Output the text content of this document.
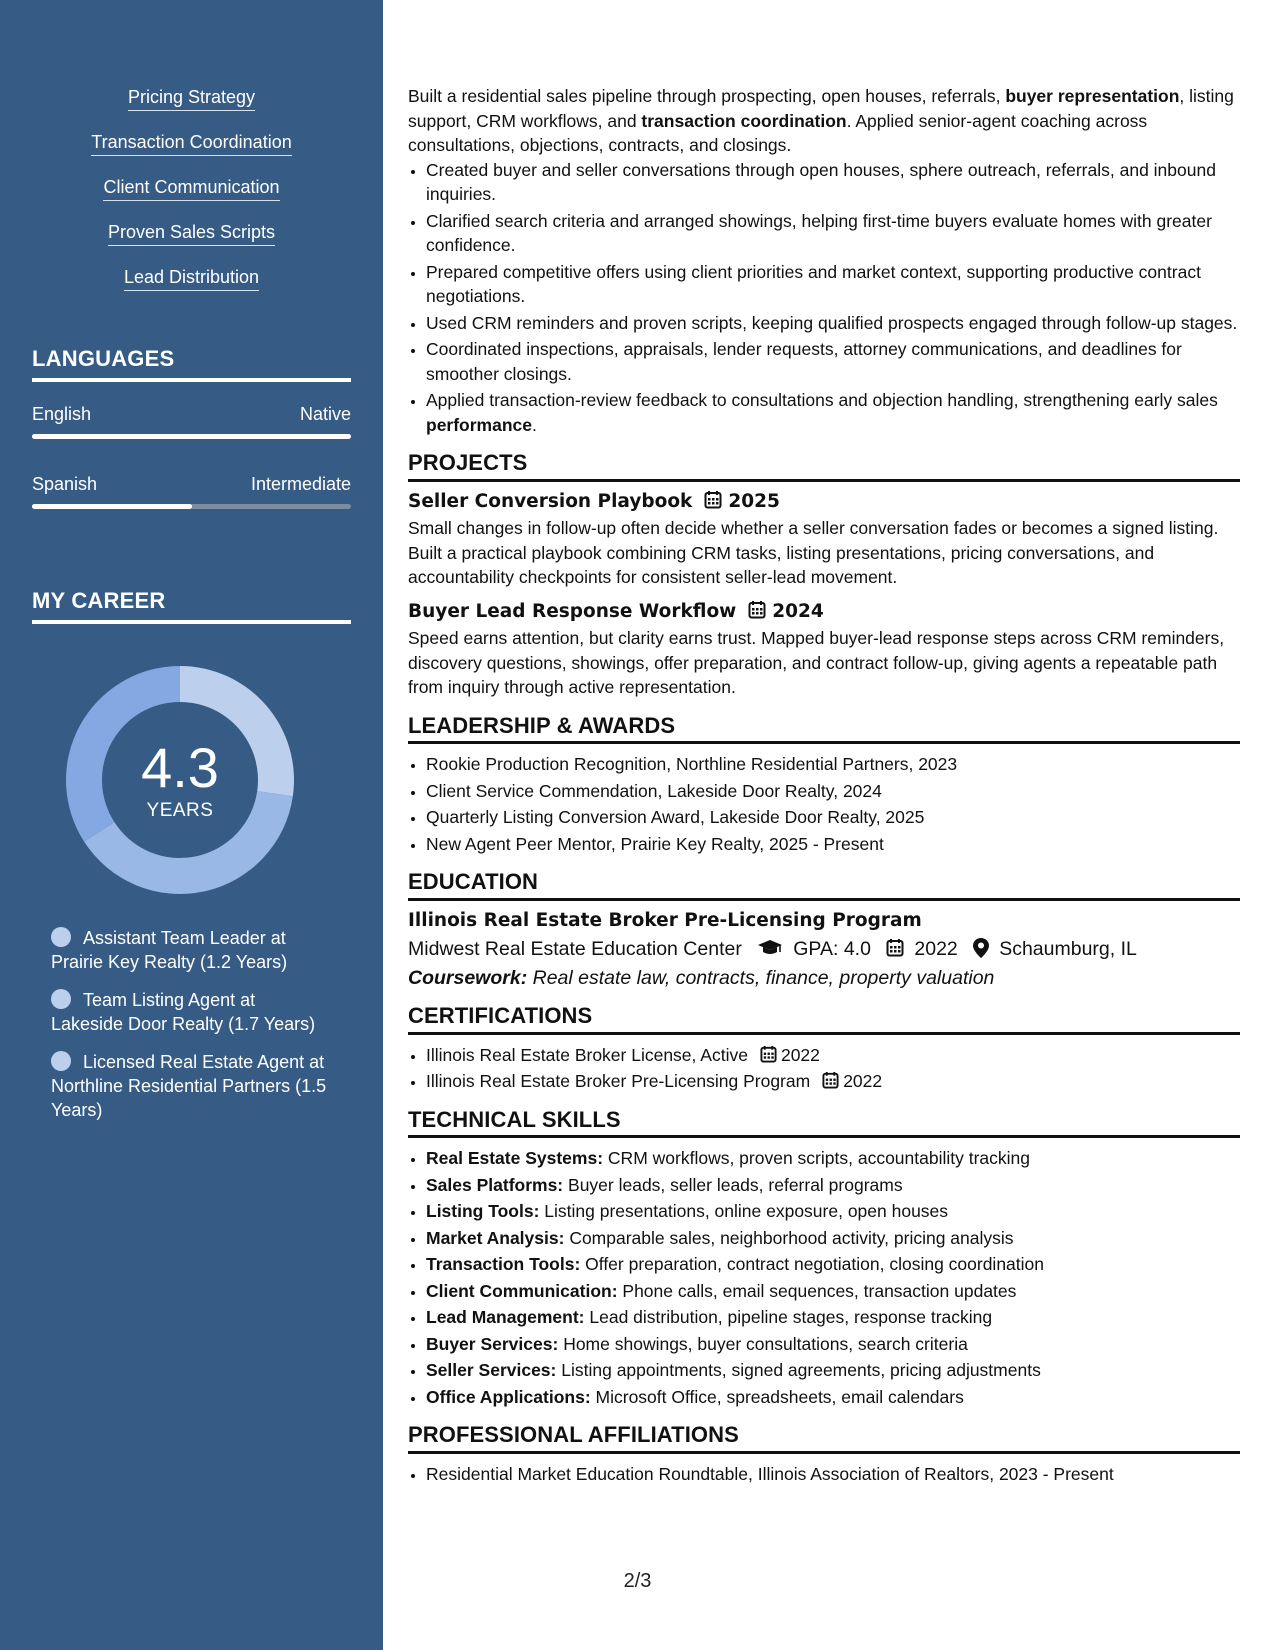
Pricing Strategy
Transaction Coordination
Client Communication
Proven Sales Scripts
Lead Distribution
LANGUAGES
English	Native
Spanish	Intermediate
MY CAREER
4.3
YEARS
Assistant Team Leader at Prairie Key Realty (1.2 Years)
Team Listing Agent at Lakeside Door Realty (1.7 Years)
Licensed Real Estate Agent at Northline Residential Partners (1.5 Years)

Built a residential sales pipeline through prospecting, open houses, referrals, buyer representation, listing support, CRM workflows, and transaction coordination. Applied senior-agent coaching across consultations, objections, contracts, and closings.

• Created buyer and seller conversations through open houses, sphere outreach, referrals, and inbound inquiries.
• Clarified search criteria and arranged showings, helping first-time buyers evaluate homes with greater confidence.
• Prepared competitive offers using client priorities and market context, supporting productive contract negotiations.
• Used CRM reminders and proven scripts, keeping qualified prospects engaged through follow-up stages.
• Coordinated inspections, appraisals, lender requests, attorney communications, and deadlines for smoother closings.
• Applied transaction-review feedback to consultations and objection handling, strengthening early sales performance.
PROJECTS
Seller Conversion Playbook 2025

Small changes in follow-up often decide whether a seller conversation fades or becomes a signed listing. Built a practical playbook combining CRM tasks, listing presentations, pricing conversations, and accountability checkpoints for consistent seller-lead movement.

Buyer Lead Response Workflow 2024

Speed earns attention, but clarity earns trust. Mapped buyer-lead response steps across CRM reminders, discovery questions, showings, offer preparation, and contract follow-up, giving agents a repeatable path from inquiry through active representation.

LEADERSHIP & AWARDS
• Rookie Production Recognition, Northline Residential Partners, 2023
• Client Service Commendation, Lakeside Door Realty, 2024
• Quarterly Listing Conversion Award, Lakeside Door Realty, 2025
• New Agent Peer Mentor, Prairie Key Realty, 2025 - Present
EDUCATION
Illinois Real Estate Broker Pre-Licensing Program
Midwest Real Estate Education Center	GPA: 4.0 2022 Schaumburg, IL
Coursework: Real estate law, contracts, finance, property valuation
CERTIFICATIONS
• Illinois Real Estate Broker License, Active 2022
• Illinois Real Estate Broker Pre-Licensing Program 2022
TECHNICAL SKILLS
• Real Estate Systems: CRM workflows, proven scripts, accountability tracking
• Sales Platforms: Buyer leads, seller leads, referral programs
• Listing Tools: Listing presentations, online exposure, open houses
• Market Analysis: Comparable sales, neighborhood activity, pricing analysis
• Transaction Tools: Offer preparation, contract negotiation, closing coordination
• Client Communication: Phone calls, email sequences, transaction updates
• Lead Management: Lead distribution, pipeline stages, response tracking
• Buyer Services: Home showings, buyer consultations, search criteria
• Seller Services: Listing appointments, signed agreements, pricing adjustments
• Office Applications: Microsoft Office, spreadsheets, email calendars
PROFESSIONAL AFFILIATIONS
• Residential Market Education Roundtable, Illinois Association of Realtors, 2023 - Present
2/3
